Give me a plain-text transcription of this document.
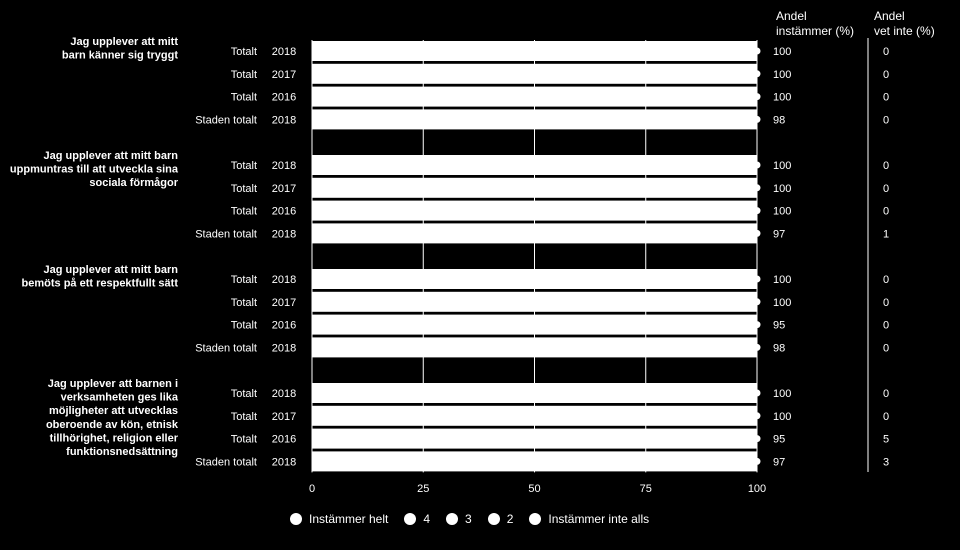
0	25	50	75	100
Jag upplever att mitt
barn känner sig tryggt	Totalt 2018	100	0
Totalt 2017	100	0
Totalt 2016	100	0
Staden totalt 2018	98	0
Jag upplever att mitt barn
uppmuntras till att utveckla sina
sociala förmågor
Totalt 2018	100	0
Totalt 2017	100	0
Totalt 2016	100	0
Staden totalt 2018	97	1
Jag upplever att mitt barn
bemöts på ett respektfullt sätt	Totalt 2018	100	0
Totalt 2017	100	0
Totalt 2016	95	0
Staden totalt 2018	98	0
Jag upplever att barnen i
verksamheten ges lika
möjligheter att utvecklas
oberoende av kön, etnisk
tillhörighet, religion eller
funktionsnedsättning
Totalt 2018	100	0
Totalt 2017	100	0
Totalt 2016	95	5
Staden totalt 2018	97	3
Andel
instämmer (%)
Andel
vet inte (%)
Instämmer helt	4	3	2	Instämmer inte alls
